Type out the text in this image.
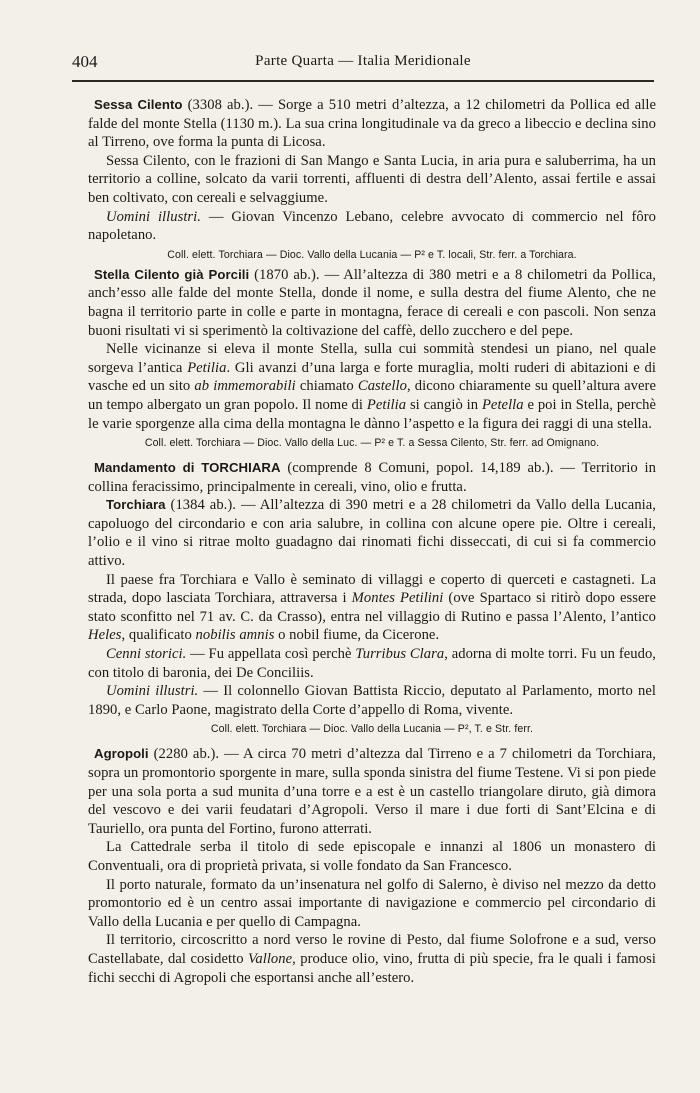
404	Parte Quarta — Italia Meridionale

Sessa Cilento (3308 ab.). — Sorge a 510 metri d’altezza, a 12 chilometri da Pollica ed alle falde del monte Stella (1130 m.). La sua crina longitudinale va da greco a libeccio e declina sino al Tirreno, ove forma la punta di Licosa.

Sessa Cilento, con le frazioni di San Mango e Santa Lucia, in aria pura e saluberrima, ha un territorio a colline, solcato da varii torrenti, affluenti di destra dell’Alento, assai fertile e assai ben coltivato, con cereali e selvaggiume.

Uomini illustri. — Giovan Vincenzo Lebano, celebre avvocato di commercio nel fôro napoletano.

Coll. elett. Torchiara — Dioc. Vallo della Lucania — P² e T. locali, Str. ferr. a Torchiara.

Stella Cilento già Porcili (1870 ab.). — All’altezza di 380 metri e a 8 chilometri da Pollica, anch’esso alle falde del monte Stella, donde il nome, e sulla destra del fiume Alento, che ne bagna il territorio parte in colle e parte in montagna, ferace di cereali e con pascoli. Non senza buoni risultati vi si sperimentò la coltivazione del caffè, dello zucchero e del pepe.

Nelle vicinanze si eleva il monte Stella, sulla cui sommità stendesi un piano, nel quale sorgeva l’antica Petilia. Gli avanzi d’una larga e forte muraglia, molti ruderi di abitazioni e di vasche ed un sito ab immemorabili chiamato Castello, dicono chiaramente su quell’altura avere un tempo albergato un gran popolo. Il nome di Petilia si cangiò in Petella e poi in Stella, perchè le varie sporgenze alla cima della montagna le dànno l’aspetto e la figura dei raggi di una stella.

Coll. elett. Torchiara — Dioc. Vallo della Luc. — P² e T. a Sessa Cilento, Str. ferr. ad Omignano.

Mandamento di TORCHIARA (comprende 8 Comuni, popol. 14,189 ab.). — Territorio in collina feracissimo, principalmente in cereali, vino, olio e frutta.

Torchiara (1384 ab.). — All’altezza di 390 metri e a 28 chilometri da Vallo della Lucania, capoluogo del circondario e con aria salubre, in collina con alcune opere pie. Oltre i cereali, l’olio e il vino si ritrae molto guadagno dai rinomati fichi disseccati, di cui si fa commercio attivo.

Il paese fra Torchiara e Vallo è seminato di villaggi e coperto di querceti e castagneti. La strada, dopo lasciata Torchiara, attraversa i Montes Petilini (ove Spartaco si ritirò dopo essere stato sconfitto nel 71 av. C. da Crasso), entra nel villaggio di Rutino e passa l’Alento, l’antico Heles, qualificato nobilis amnis o nobil fiume, da Cicerone.

Cenni storici. — Fu appellata così perchè Turribus Clara, adorna di molte torri. Fu un feudo, con titolo di baronia, dei De Conciliis.

Uomini illustri. — Il colonnello Giovan Battista Riccio, deputato al Parlamento, morto nel 1890, e Carlo Paone, magistrato della Corte d’appello di Roma, vivente.

Coll. elett. Torchiara — Dioc. Vallo della Lucania — P², T. e Str. ferr.

Agropoli (2280 ab.). — A circa 70 metri d’altezza dal Tirreno e a 7 chilometri da Torchiara, sopra un promontorio sporgente in mare, sulla sponda sinistra del fiume Testene. Vi si pon piede per una sola porta a sud munita d’una torre e a est è un castello triangolare diruto, già dimora del vescovo e dei varii feudatari d’Agropoli. Verso il mare i due forti di Sant’Elcina e di Tauriello, ora punta del Fortino, furono atterrati.

La Cattedrale serba il titolo di sede episcopale e innanzi al 1806 un monastero di Conventuali, ora di proprietà privata, si volle fondato da San Francesco.

Il porto naturale, formato da un’insenatura nel golfo di Salerno, è diviso nel mezzo da detto promontorio ed è un centro assai importante di navigazione e commercio pel circondario di Vallo della Lucania e per quello di Campagna.

Il territorio, circoscritto a nord verso le rovine di Pesto, dal fiume Solofrone e a sud, verso Castellabate, dal cosidetto Vallone, produce olio, vino, frutta di più specie, fra le quali i famosi fichi secchi di Agropoli che esportansi anche all’estero.
